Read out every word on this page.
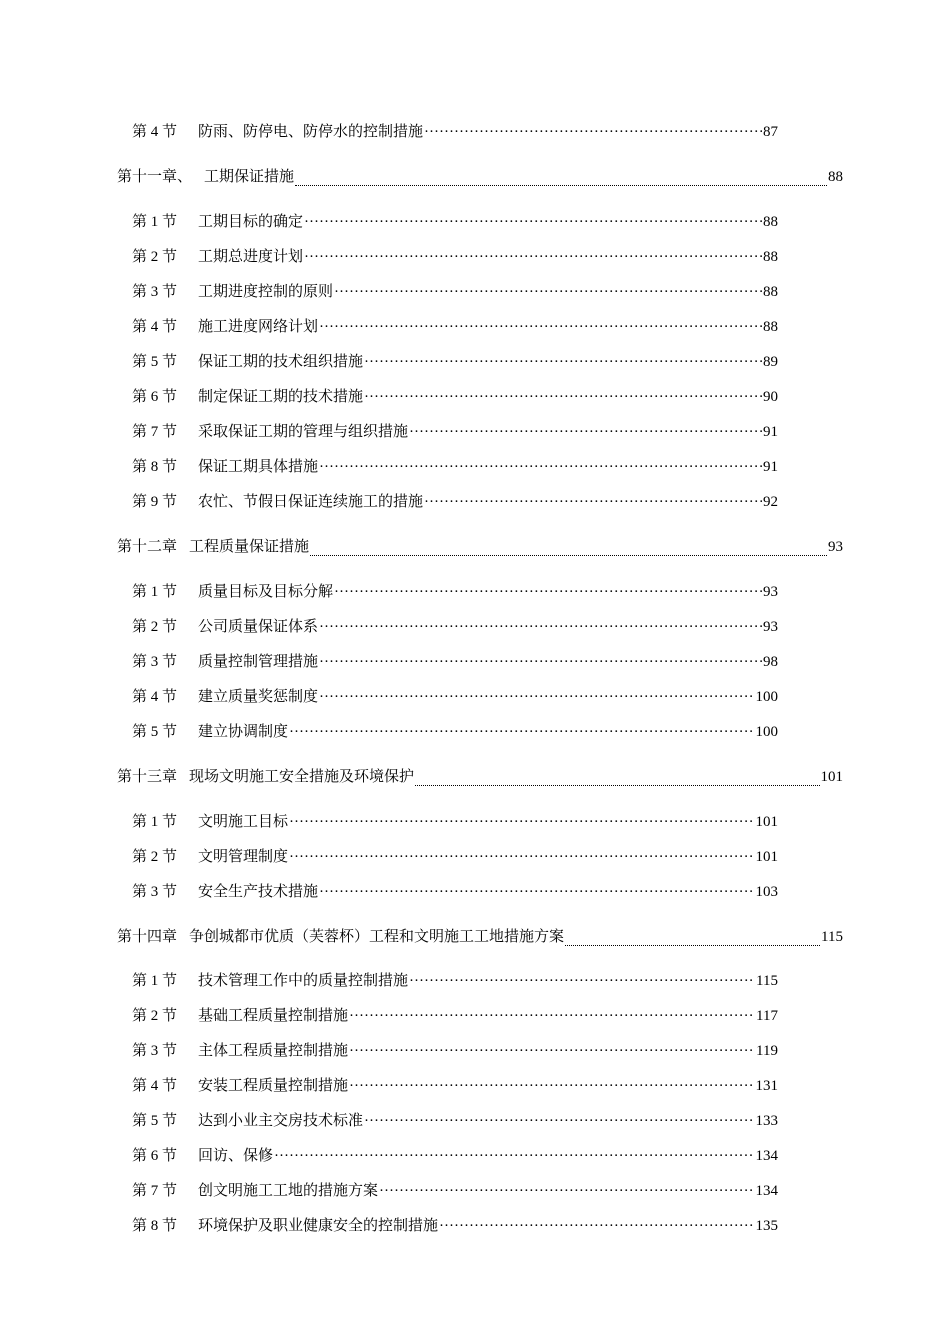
第 4 节	防雨、防停电、防停水的控制措施 ·····	87
第十一章、 工期保证措施	88
第 1 节	工期目标的确定 ·····	88
第 2 节	工期总进度计划 ·····	88
第 3 节	工期进度控制的原则 ·····	88
第 4 节	施工进度网络计划 ·····	88
第 5 节	保证工期的技术组织措施 ·····	89
第 6 节	制定保证工期的技术措施 ·····	90
第 7 节	采取保证工期的管理与组织措施 ·····	91
第 8 节	保证工期具体措施 ·····	91
第 9 节	农忙、节假日保证连续施工的措施 ·····	92
第十二章 工程质量保证措施	93
第 1 节	质量目标及目标分解 ·····	93
第 2 节	公司质量保证体系 ·····	93
第 3 节	质量控制管理措施 ·····	98
第 4 节	建立质量奖惩制度 ·····	100
第 5 节	建立协调制度 ·····	100
第十三章 现场文明施工安全措施及环境保护	101
第 1 节	文明施工目标 ·····	101
第 2 节	文明管理制度 ·····	101
第 3 节	安全生产技术措施 ·····	103
第十四章 争创城都市优质（芙蓉杯）工程和文明施工工地措施方案	115
第 1 节	技术管理工作中的质量控制措施 ·····	115
第 2 节	基础工程质量控制措施 ·····	117
第 3 节	主体工程质量控制措施 ·····	119
第 4 节	安装工程质量控制措施 ·····	131
第 5 节	达到小业主交房技术标准 ·····	133
第 6 节	回访、保修 ·····	134
第 7 节	创文明施工工地的措施方案 ·····	134
第 8 节	环境保护及职业健康安全的控制措施 ·····	135
